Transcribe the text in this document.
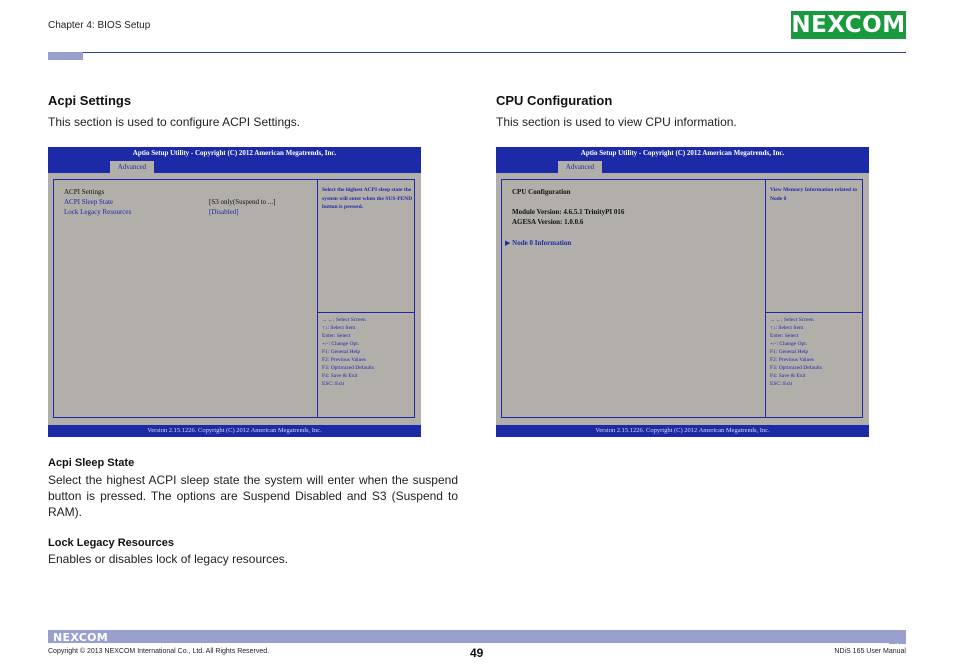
Chapter 4: BIOS Setup	NEXCOM
Acpi Settings
This section is used to configure ACPI Settings.
Aptio Setup Utility - Copyright (C) 2012 American Megatrends, Inc.
Advanced
ACPI Settings
ACPI Sleep State	[S3 only(Suspend to ...]
Lock Legacy Resources	[Disabled]
Select the highest ACPI sleep state the system will enter when the SUS-PEND button is pressed.
→←: Select Screen
↑↓: Select Item
Enter: Select
+/-: Change Opt.
F1: General Help
F2: Previous Values
F3: Optimized Defaults
F4: Save & Exit
ESC: Exit
Version 2.15.1226. Copyright (C) 2012 American Megatrends, Inc.
Acpi Sleep State
Select the highest ACPI sleep state the system will enter when the suspend button is pressed. The options are Suspend Disabled and S3 (Suspend to RAM).
Lock Legacy Resources
Enables or disables lock of legacy resources.
CPU Configuration
This section is used to view CPU information.
Aptio Setup Utility - Copyright (C) 2012 American Megatrends, Inc.
Advanced
CPU Configuration
Module Version: 4.6.5.1 TrinityPI 016
AGESA Version: 1.0.0.6
▶ Node 0 Information
View Memory Information related to Node 0
→←: Select Screen
↑↓: Select Item
Enter: Select
+/-: Change Opt.
F1: General Help
F2: Previous Values
F3: Optimized Defaults
F4: Save & Exit
ESC: Exit
Version 2.15.1226. Copyright (C) 2012 American Megatrends, Inc.
NEXCOM
Copyright © 2013 NEXCOM International Co., Ltd. All Rights Reserved.	49	NDiS 165 User Manual
